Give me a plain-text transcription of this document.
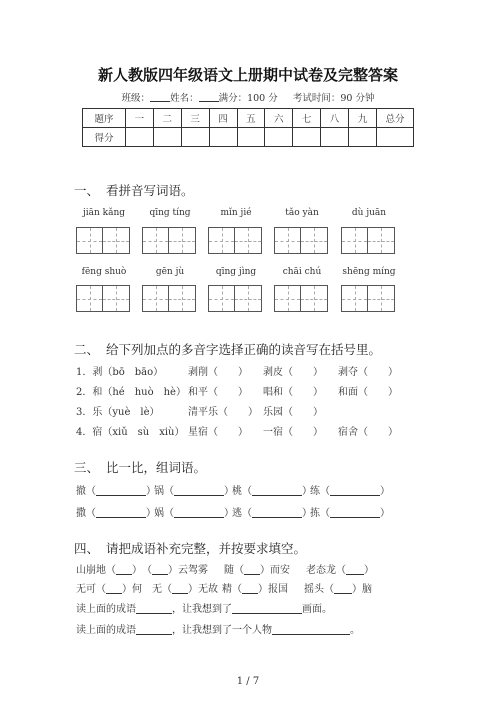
新人教版四年级语文上册期中试卷及完整答案
班级： 姓名： 满分：100 分 考试时间：90 分钟
题序	一	二	三	四	五	六	七	八	九	总分
得分										
一、 看拼音写词语。
jiān kǎng	qīng tíng	mǐn jié	tǎo yàn	dù juān
fēng shuò	gēn jù	qīng jìng	chāi chú	shēng míng
二、 给下列加点的多音字选择正确的读音写在括号里。
1．剥（bō　bāo） 剥削（　　） 剥皮（　　） 剥夺（　　）
2．和（hé　huò　hè） 和平（　　） 唱和（　　） 和面（　　）
3．乐（yuè　lè）	清平乐（　　） 乐园（　　）
4．宿（xiǔ　sù　xiù） 星宿（　　） 一宿（　　） 宿舍（　　）
三、 比一比，组词语。
撤（	）锅（	）桃（	）练（	）
撒（	）娲（	）逃（	）拣（	）
四、 请把成语补充完整，并按要求填空。
山崩地（ ）（ ）云驾雾 随（ ）而安 老态龙（ ）
无可（ ）何 无（ ）无故 精（ ）报国 摇头（ ）脑
读上面的成语	，让我想到了	画面。
读上面的成语	，让我想到了一个人物	。
1 / 7
